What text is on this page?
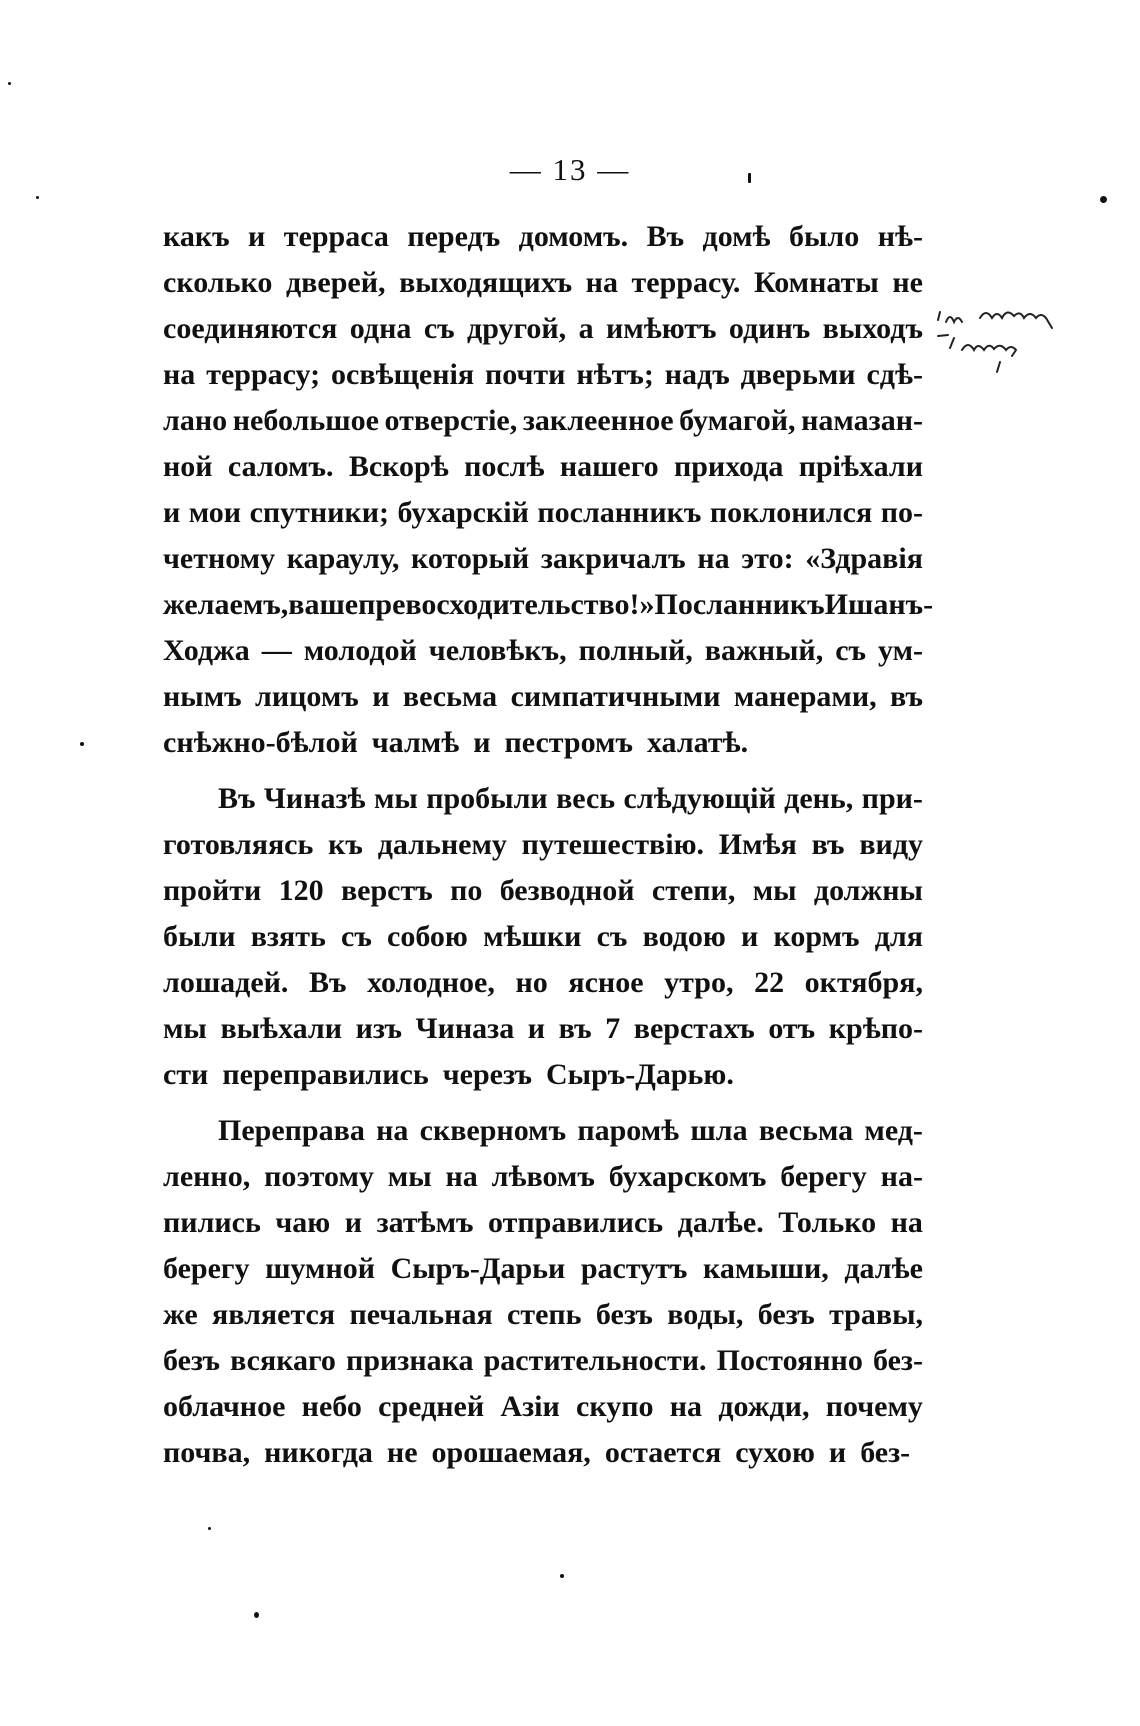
— 13 —
какъ и терраса передъ домомъ. Въ домѣ было нѣ-
сколько дверей, выходящихъ на террасу. Комнаты не
соединяются одна съ другой, а имѣютъ одинъ выходъ
на террасу; освѣщенія почти нѣтъ; надъ дверьми сдѣ-
лано небольшое отверстіе, заклеенное бумагой, намазан-
ной саломъ. Вскорѣ послѣ нашего прихода пріѣхали
и мои спутники; бухарскій посланникъ поклонился по-
четному караулу, который закричалъ на это: «Здравія
желаемъ, ваше превосходительство!» Посланникъ Ишанъ-
Ходжа — молодой человѣкъ, полный, важный, съ ум-
нымъ лицомъ и весьма симпатичными манерами, въ
снѣжно-бѣлой чалмѣ и пестромъ халатѣ.
Въ Чиназѣ мы пробыли весь слѣдующій день, при-
готовляясь къ дальнему путешествію. Имѣя въ виду
пройти 120 верстъ по безводной степи, мы должны
были взять съ собою мѣшки съ водою и кормъ для
лошадей. Въ холодное, но ясное утро, 22 октября,
мы выѣхали изъ Чиназа и въ 7 верстахъ отъ крѣпо-
сти переправились черезъ Сыръ-Дарью.
Переправа на скверномъ паромѣ шла весьма мед-
ленно, поэтому мы на лѣвомъ бухарскомъ берегу на-
пились чаю и затѣмъ отправились далѣе. Только на
берегу шумной Сыръ-Дарьи растутъ камыши, далѣе
же является печальная степь безъ воды, безъ травы,
безъ всякаго признака растительности. Постоянно без-
облачное небо средней Азіи скупо на дожди, почему
почва, никогда не орошаемая, остается сухою и без-
